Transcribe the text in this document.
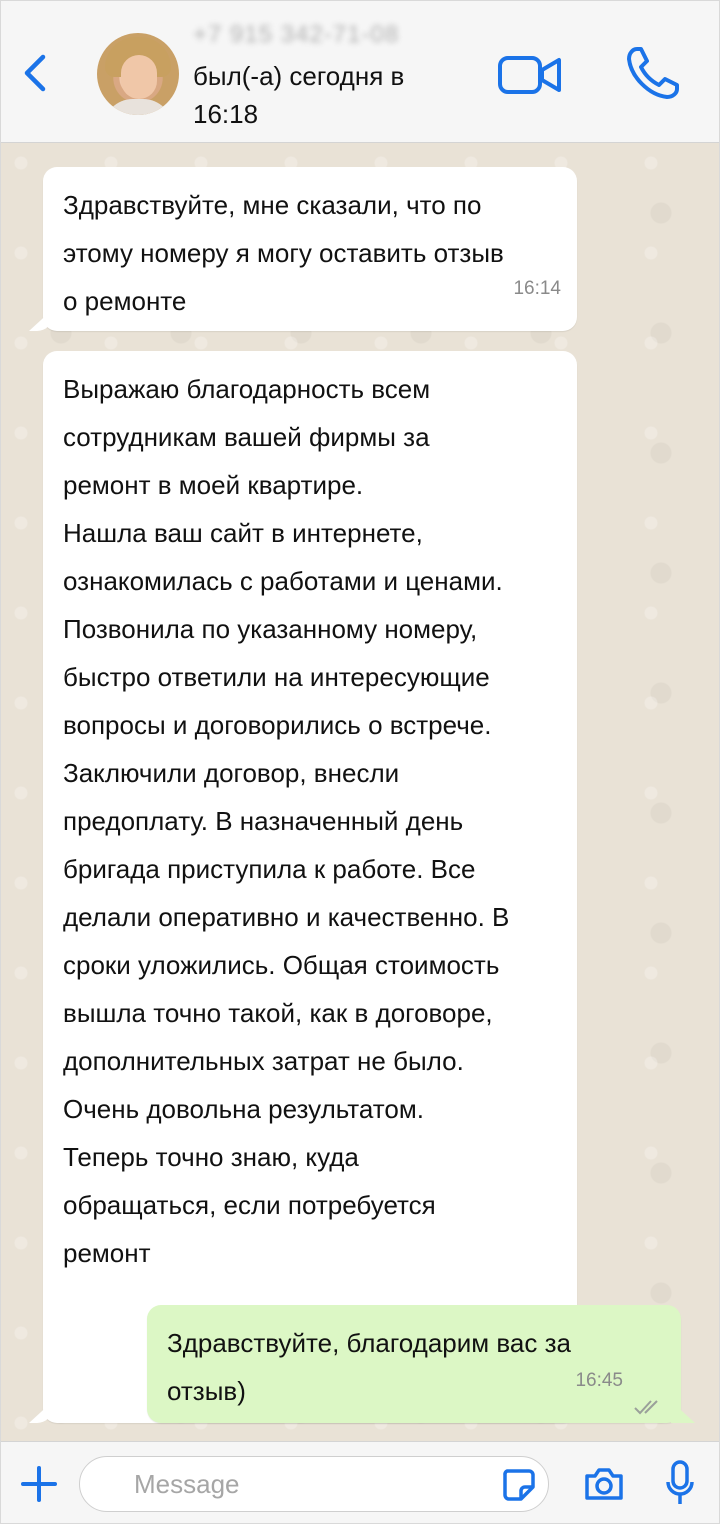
+7 915 342-71-08
был(-а) сегодня в 16:18
Здравствуйте, мне сказали, что по
этому номеру я могу оставить отзыв
о ремонте	16:14
Выражаю благодарность всем
сотрудникам вашей фирмы за
ремонт в моей квартире.
Нашла ваш сайт в интернете,
ознакомилась с работами и ценами.
Позвонила по указанному номеру,
быстро ответили на интересующие
вопросы и договорились о встрече.
Заключили договор, внесли
предоплату. В назначенный день
бригада приступила к работе. Все
делали оперативно и качественно. В
сроки уложились. Общая стоимость
вышла точно такой, как в договоре,
дополнительных затрат не было.
Очень довольна результатом.
Теперь точно знаю, куда
обращаться, если потребуется
ремонт
Здравствуйте, благодарим вас за
отзыв)	16:45
Message
